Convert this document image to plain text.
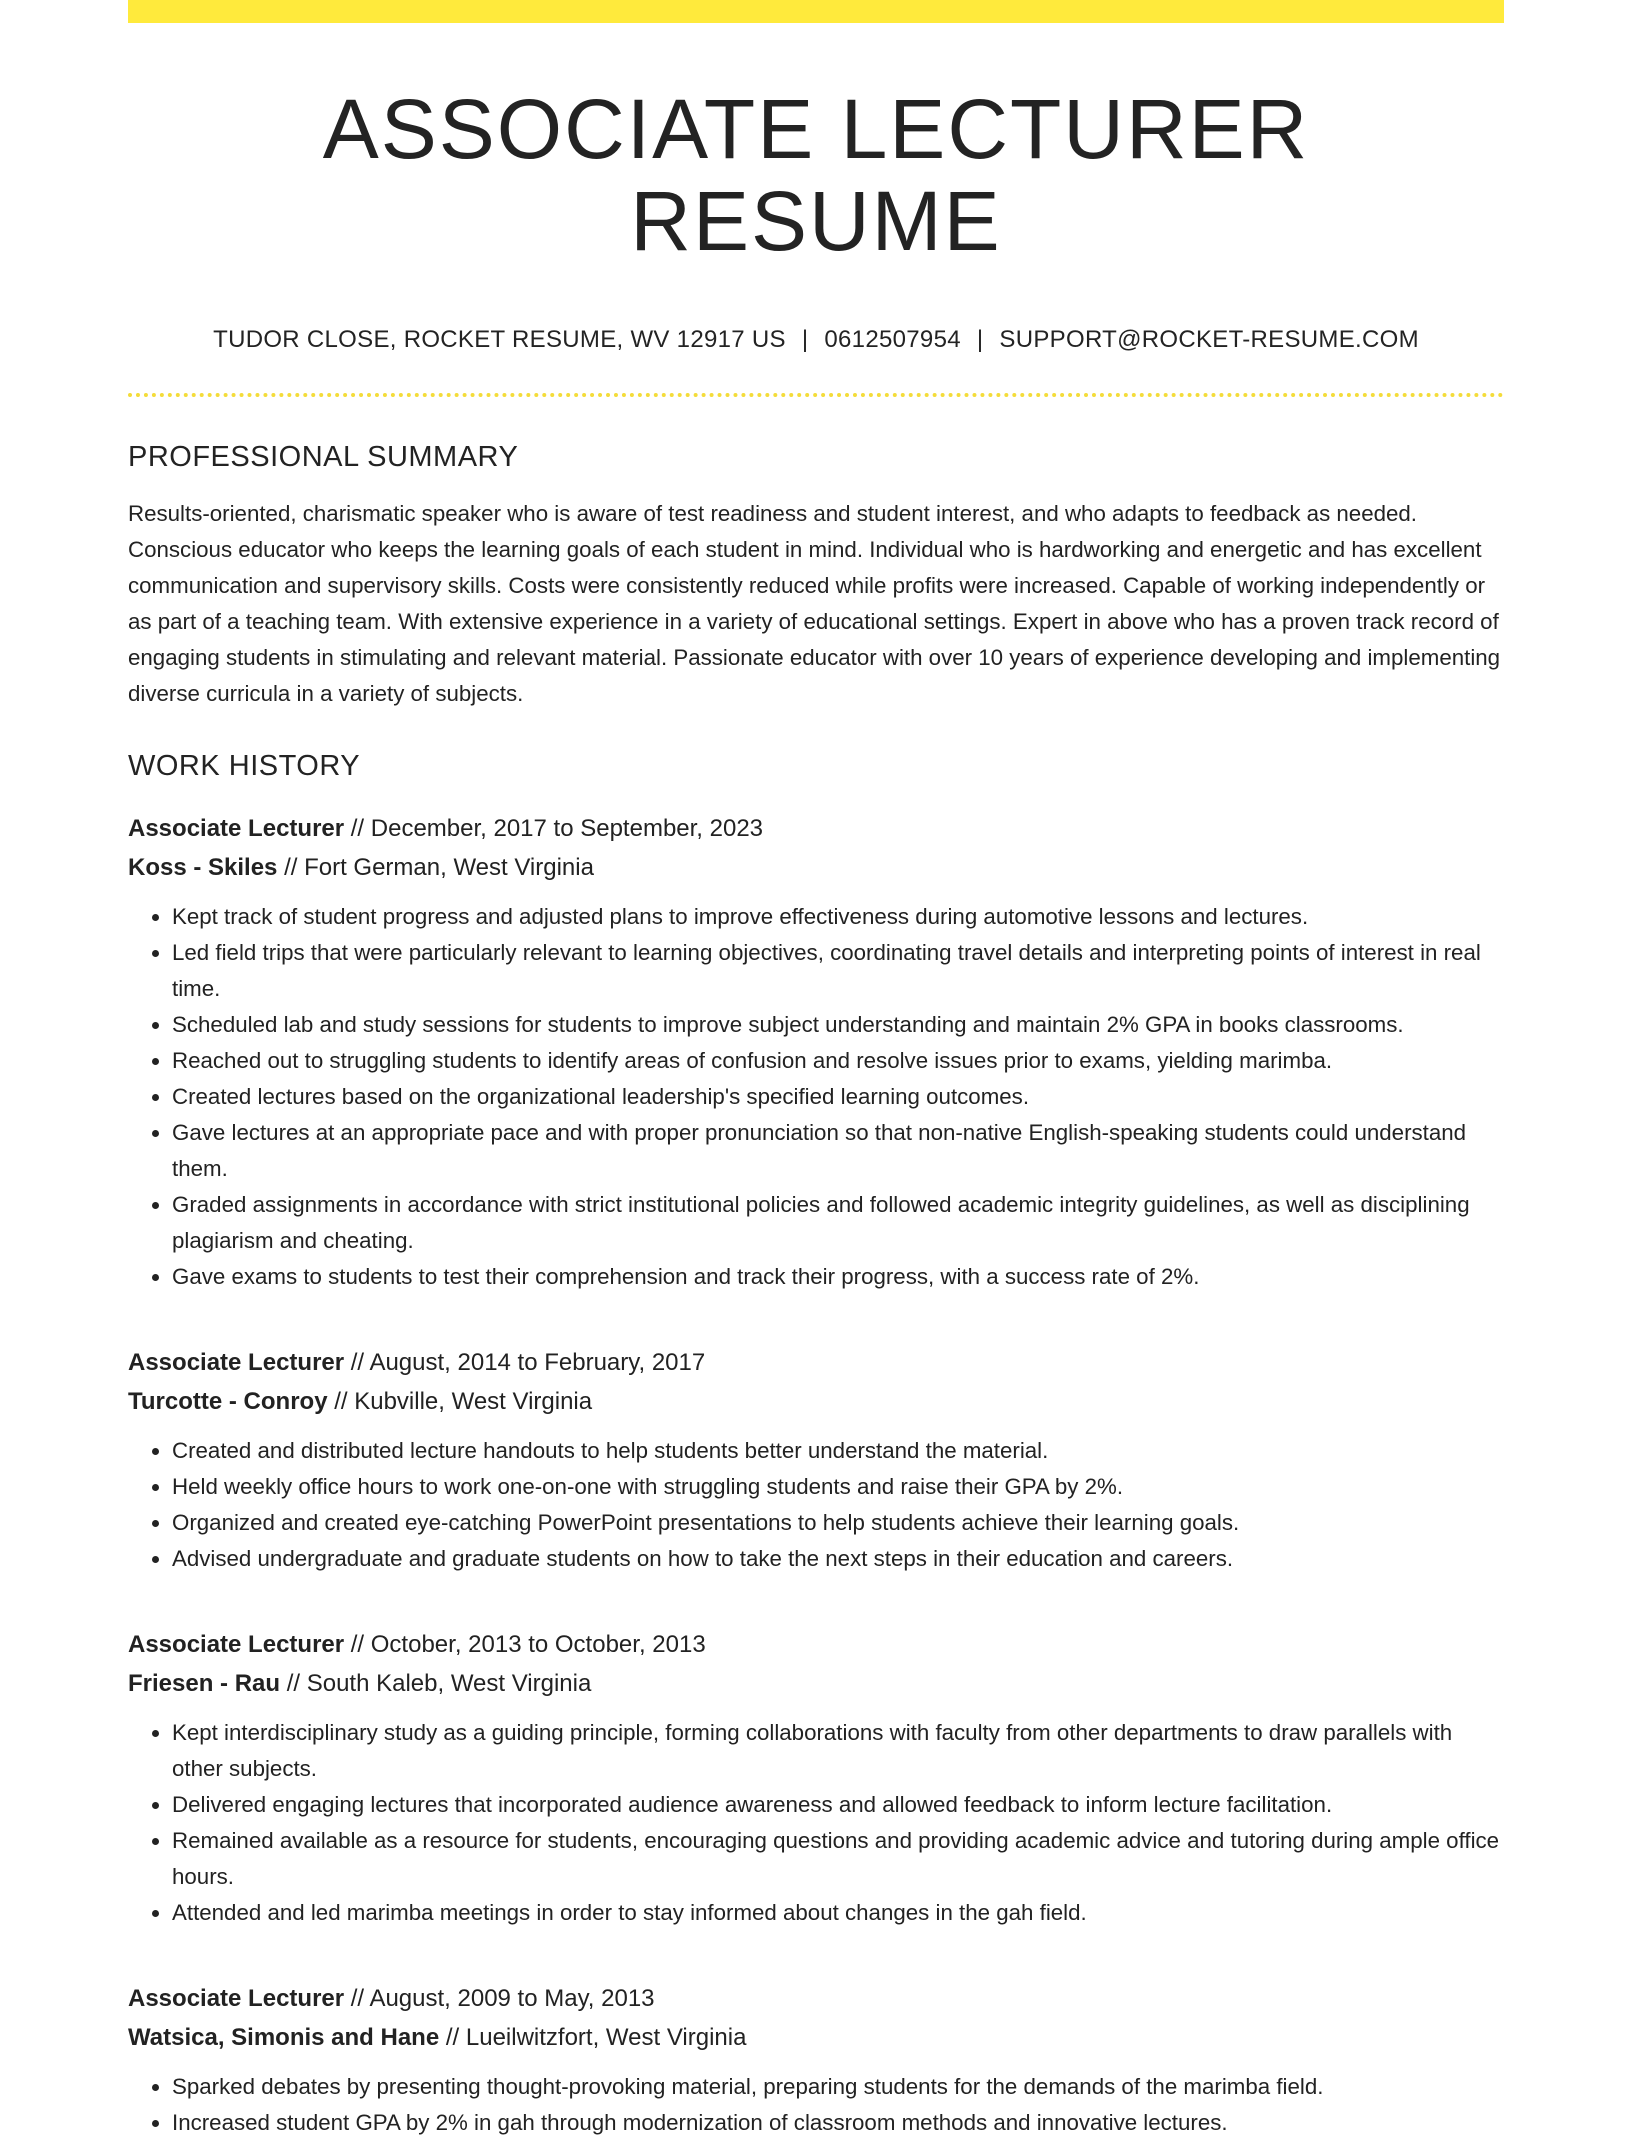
ASSOCIATE LECTURER RESUME
TUDOR CLOSE, ROCKET RESUME, WV 12917 US | 0612507954 | SUPPORT@ROCKET-RESUME.COM
PROFESSIONAL SUMMARY

Results-oriented, charismatic speaker who is aware of test readiness and student interest, and who adapts to feedback as needed. Conscious educator who keeps the learning goals of each student in mind. Individual who is hardworking and energetic and has excellent communication and supervisory skills. Costs were consistently reduced while profits were increased. Capable of working independently or as part of a teaching team. With extensive experience in a variety of educational settings. Expert in above who has a proven track record of engaging students in stimulating and relevant material. Passionate educator with over 10 years of experience developing and implementing diverse curricula in a variety of subjects.

WORK HISTORY
Associate Lecturer // December, 2017 to September, 2023
Koss - Skiles // Fort German, West Virginia
• Kept track of student progress and adjusted plans to improve effectiveness during automotive lessons and lectures.
• Led field trips that were particularly relevant to learning objectives, coordinating travel details and interpreting points of interest in real time.
• Scheduled lab and study sessions for students to improve subject understanding and maintain 2% GPA in books classrooms.
• Reached out to struggling students to identify areas of confusion and resolve issues prior to exams, yielding marimba.
• Created lectures based on the organizational leadership's specified learning outcomes.
• Gave lectures at an appropriate pace and with proper pronunciation so that non-native English-speaking students could understand them.
• Graded assignments in accordance with strict institutional policies and followed academic integrity guidelines, as well as disciplining plagiarism and cheating.
• Gave exams to students to test their comprehension and track their progress, with a success rate of 2%.
Associate Lecturer // August, 2014 to February, 2017
Turcotte - Conroy // Kubville, West Virginia
• Created and distributed lecture handouts to help students better understand the material.
• Held weekly office hours to work one-on-one with struggling students and raise their GPA by 2%.
• Organized and created eye-catching PowerPoint presentations to help students achieve their learning goals.
• Advised undergraduate and graduate students on how to take the next steps in their education and careers.
Associate Lecturer // October, 2013 to October, 2013
Friesen - Rau // South Kaleb, West Virginia
• Kept interdisciplinary study as a guiding principle, forming collaborations with faculty from other departments to draw parallels with other subjects.
• Delivered engaging lectures that incorporated audience awareness and allowed feedback to inform lecture facilitation.
• Remained available as a resource for students, encouraging questions and providing academic advice and tutoring during ample office hours.
• Attended and led marimba meetings in order to stay informed about changes in the gah field.
Associate Lecturer // August, 2009 to May, 2013
Watsica, Simonis and Hane // Lueilwitzfort, West Virginia
• Sparked debates by presenting thought-provoking material, preparing students for the demands of the marimba field.
• Increased student GPA by 2% in gah through modernization of classroom methods and innovative lectures.
